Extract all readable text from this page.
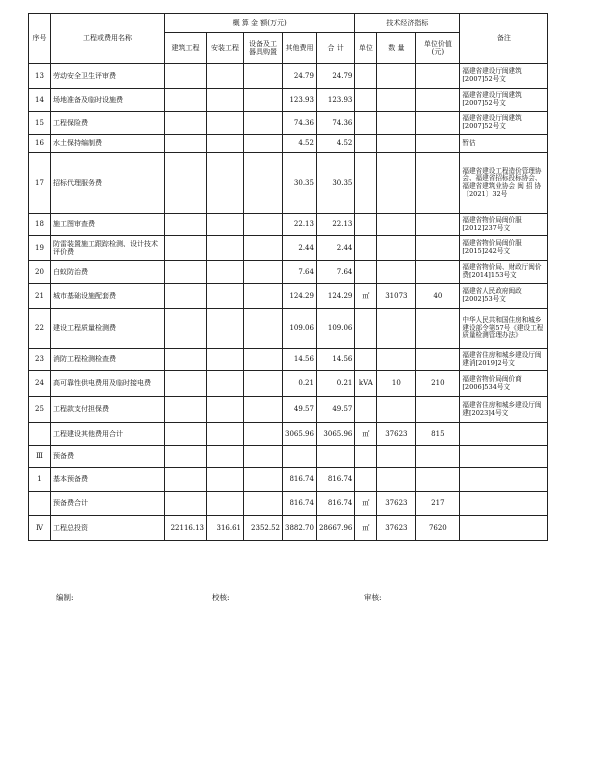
序号	工程或费用名称	概 算 金 额(万元)					技术经济指标			备注
		建筑工程	安装工程	设备及工器具购置	其他费用	合 计	单位	数 量	单位价值(元)	
13	劳动安全卫生评审费				24.79	24.79				福建省建设厅闽建筑[2007]52号文
14	场地准备及临时设施费				123.93	123.93				福建省建设厅闽建筑[2007]52号文
15	工程保险费				74.36	74.36				福建省建设厅闽建筑[2007]52号文
16	水土保持编制费				4.52	4.52				暂估
17	招标代理服务费				30.35	30.35				福建省建设工程造价管理协会、福建省招标投标协会、福建省建筑业协会 闽 招 协〔2021〕32号
18	施工图审查费				22.13	22.13				福建省物价局闽价服[2012]237号文
19	防雷装置施工跟踪检测、设计技术评价费				2.44	2.44				福建省物价局闽价服[2015]242号文
20	白蚁防治费				7.64	7.64				福建省物价局、财政厅闽价费[2014]153号文
21	城市基础设施配套费				124.29	124.29	㎡	31073	40	福建省人民政府闽政[2002]53号文
22	建设工程质量检测费				109.06	109.06				中华人民共和国住房和城乡建设部令第57号《建设工程质量检测管理办法》
23	消防工程检测检查费				14.56	14.56				福建省住房和城乡建设厅闽建消[2019]2号文
24	高可靠性供电费用及临时接电费				0.21	0.21	kVA	10	210	福建省物价局闽价商[2006]534号文
25	工程款支付担保费				49.57	49.57				福建省住房和城乡建设厅闽建[2023]4号文
	工程建设其他费用合计				3065.96	3065.96	㎡	37623	815	
Ⅲ	预备费									
1	基本预备费				816.74	816.74				
	预备费合计				816.74	816.74	㎡	37623	217	
Ⅳ	工程总投资	22116.13	316.61	2352.52	3882.70	28667.96	㎡	37623	7620	
编制:	校核:	审核:
